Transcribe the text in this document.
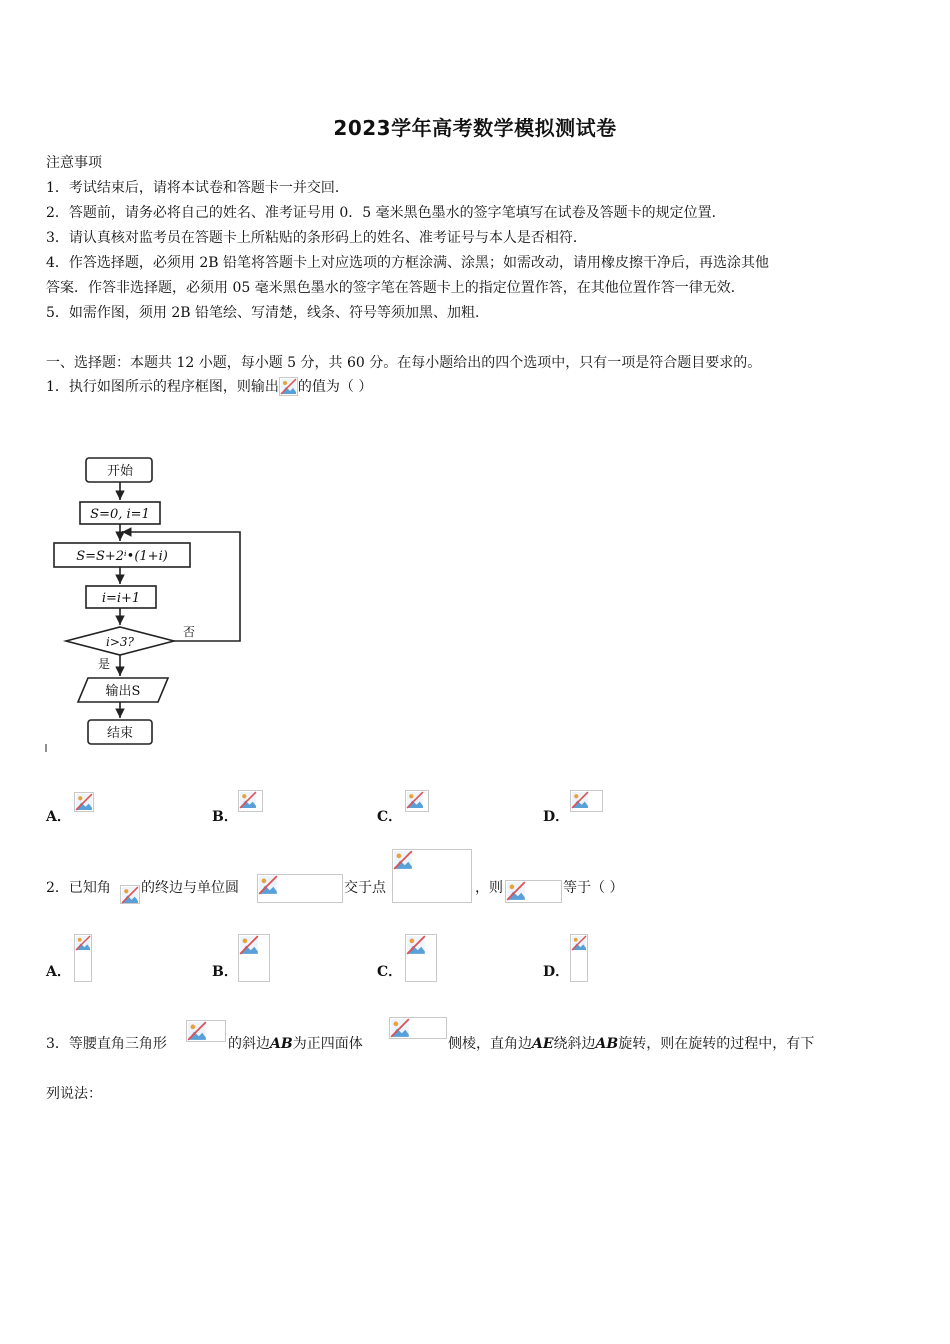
2023学年高考数学模拟测试卷
注意事项
1．考试结束后，请将本试卷和答题卡一并交回．
2．答题前，请务必将自己的姓名、准考证号用 0．5 毫米黑色墨水的签字笔填写在试卷及答题卡的规定位置．
3．请认真核对监考员在答题卡上所粘贴的条形码上的姓名、准考证号与本人是否相符．
4．作答选择题，必须用 2B 铅笔将答题卡上对应选项的方框涂满、涂黑；如需改动，请用橡皮擦干净后，再选涂其他
答案．作答非选择题，必须用 05 毫米黑色墨水的签字笔在答题卡上的指定位置作答，在其他位置作答一律无效．
5．如需作图，须用 2B 铅笔绘、写清楚，线条、符号等须加黑、加粗．
一、选择题：本题共 12 小题，每小题 5 分，共 60 分。在每小题给出的四个选项中，只有一项是符合题目要求的。
1．执行如图所示的程序框图，则输出 的值为（ ）
开始
S=0, i=1
S=S+2ⁱ•(1+i)
i=i+1
i>3?
否
是
输出S
结束
A．	B．	C．	D．
2．已知角 的终边与单位圆	交于点	，则	等于（ ）
A．	B．	C．	D．
3．等腰直角三角形	的斜边AB为正四面体	侧棱，直角边AE绕斜边AB旋转，则在旋转的过程中，有下
列说法：
